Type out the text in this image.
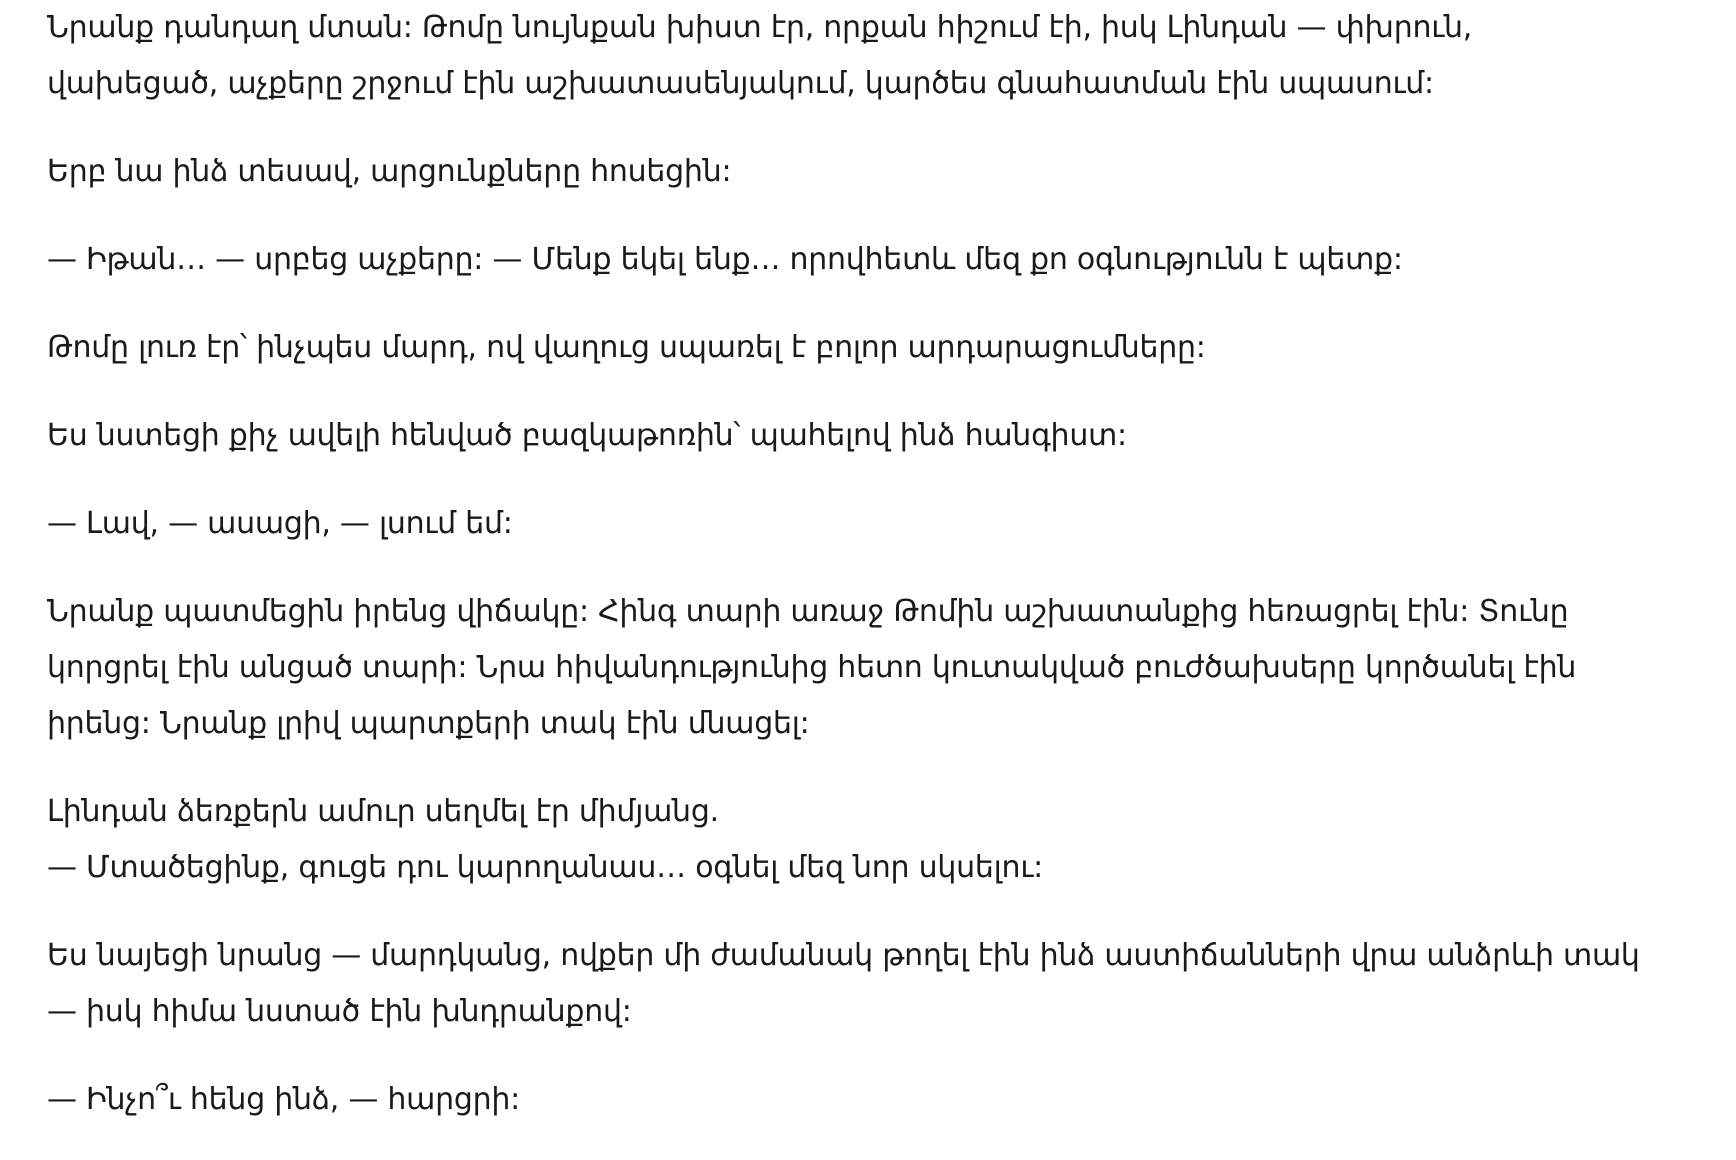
Նրանք դանդաղ մտան: Թոմը նույնքան խիստ էր, որքան հիշում էի, իսկ Լինդան — փխրուն,
վախեցած, աչքերը շրջում էին աշխատասենյակում, կարծես գնահատման էին սպասում:

Երբ նա ինձ տեսավ, արցունքները հոսեցին:

— Իթան… — սրբեց աչքերը: — Մենք եկել ենք… որովհետև մեզ քո օգնությունն է պետք:

Թոմը լուռ էր՝ ինչպես մարդ, ով վաղուց սպառել է բոլոր արդարացումները:

Ես նստեցի քիչ ավելի հենված բազկաթոռին՝ պահելով ինձ հանգիստ:

— Լավ, — ասացի, — լսում եմ:

Նրանք պատմեցին իրենց վիճակը: Հինգ տարի առաջ Թոմին աշխատանքից հեռացրել էին: Տունը
կորցրել էին անցած տարի: Նրա հիվանդությունից հետո կուտակված բուժծախսերը կործանել էին
իրենց: Նրանք լրիվ պարտքերի տակ էին մնացել:

Լինդան ձեռքերն ամուր սեղմել էր միմյանց.
— Մտածեցինք, գուցե դու կարողանաս… օգնել մեզ նոր սկսելու:

Ես նայեցի նրանց — մարդկանց, ովքեր մի ժամանակ թողել էին ինձ աստիճանների վրա անձրևի տակ
— իսկ հիմա նստած էին խնդրանքով:

— Ինչո՞ւ հենց ինձ, — հարցրի:
